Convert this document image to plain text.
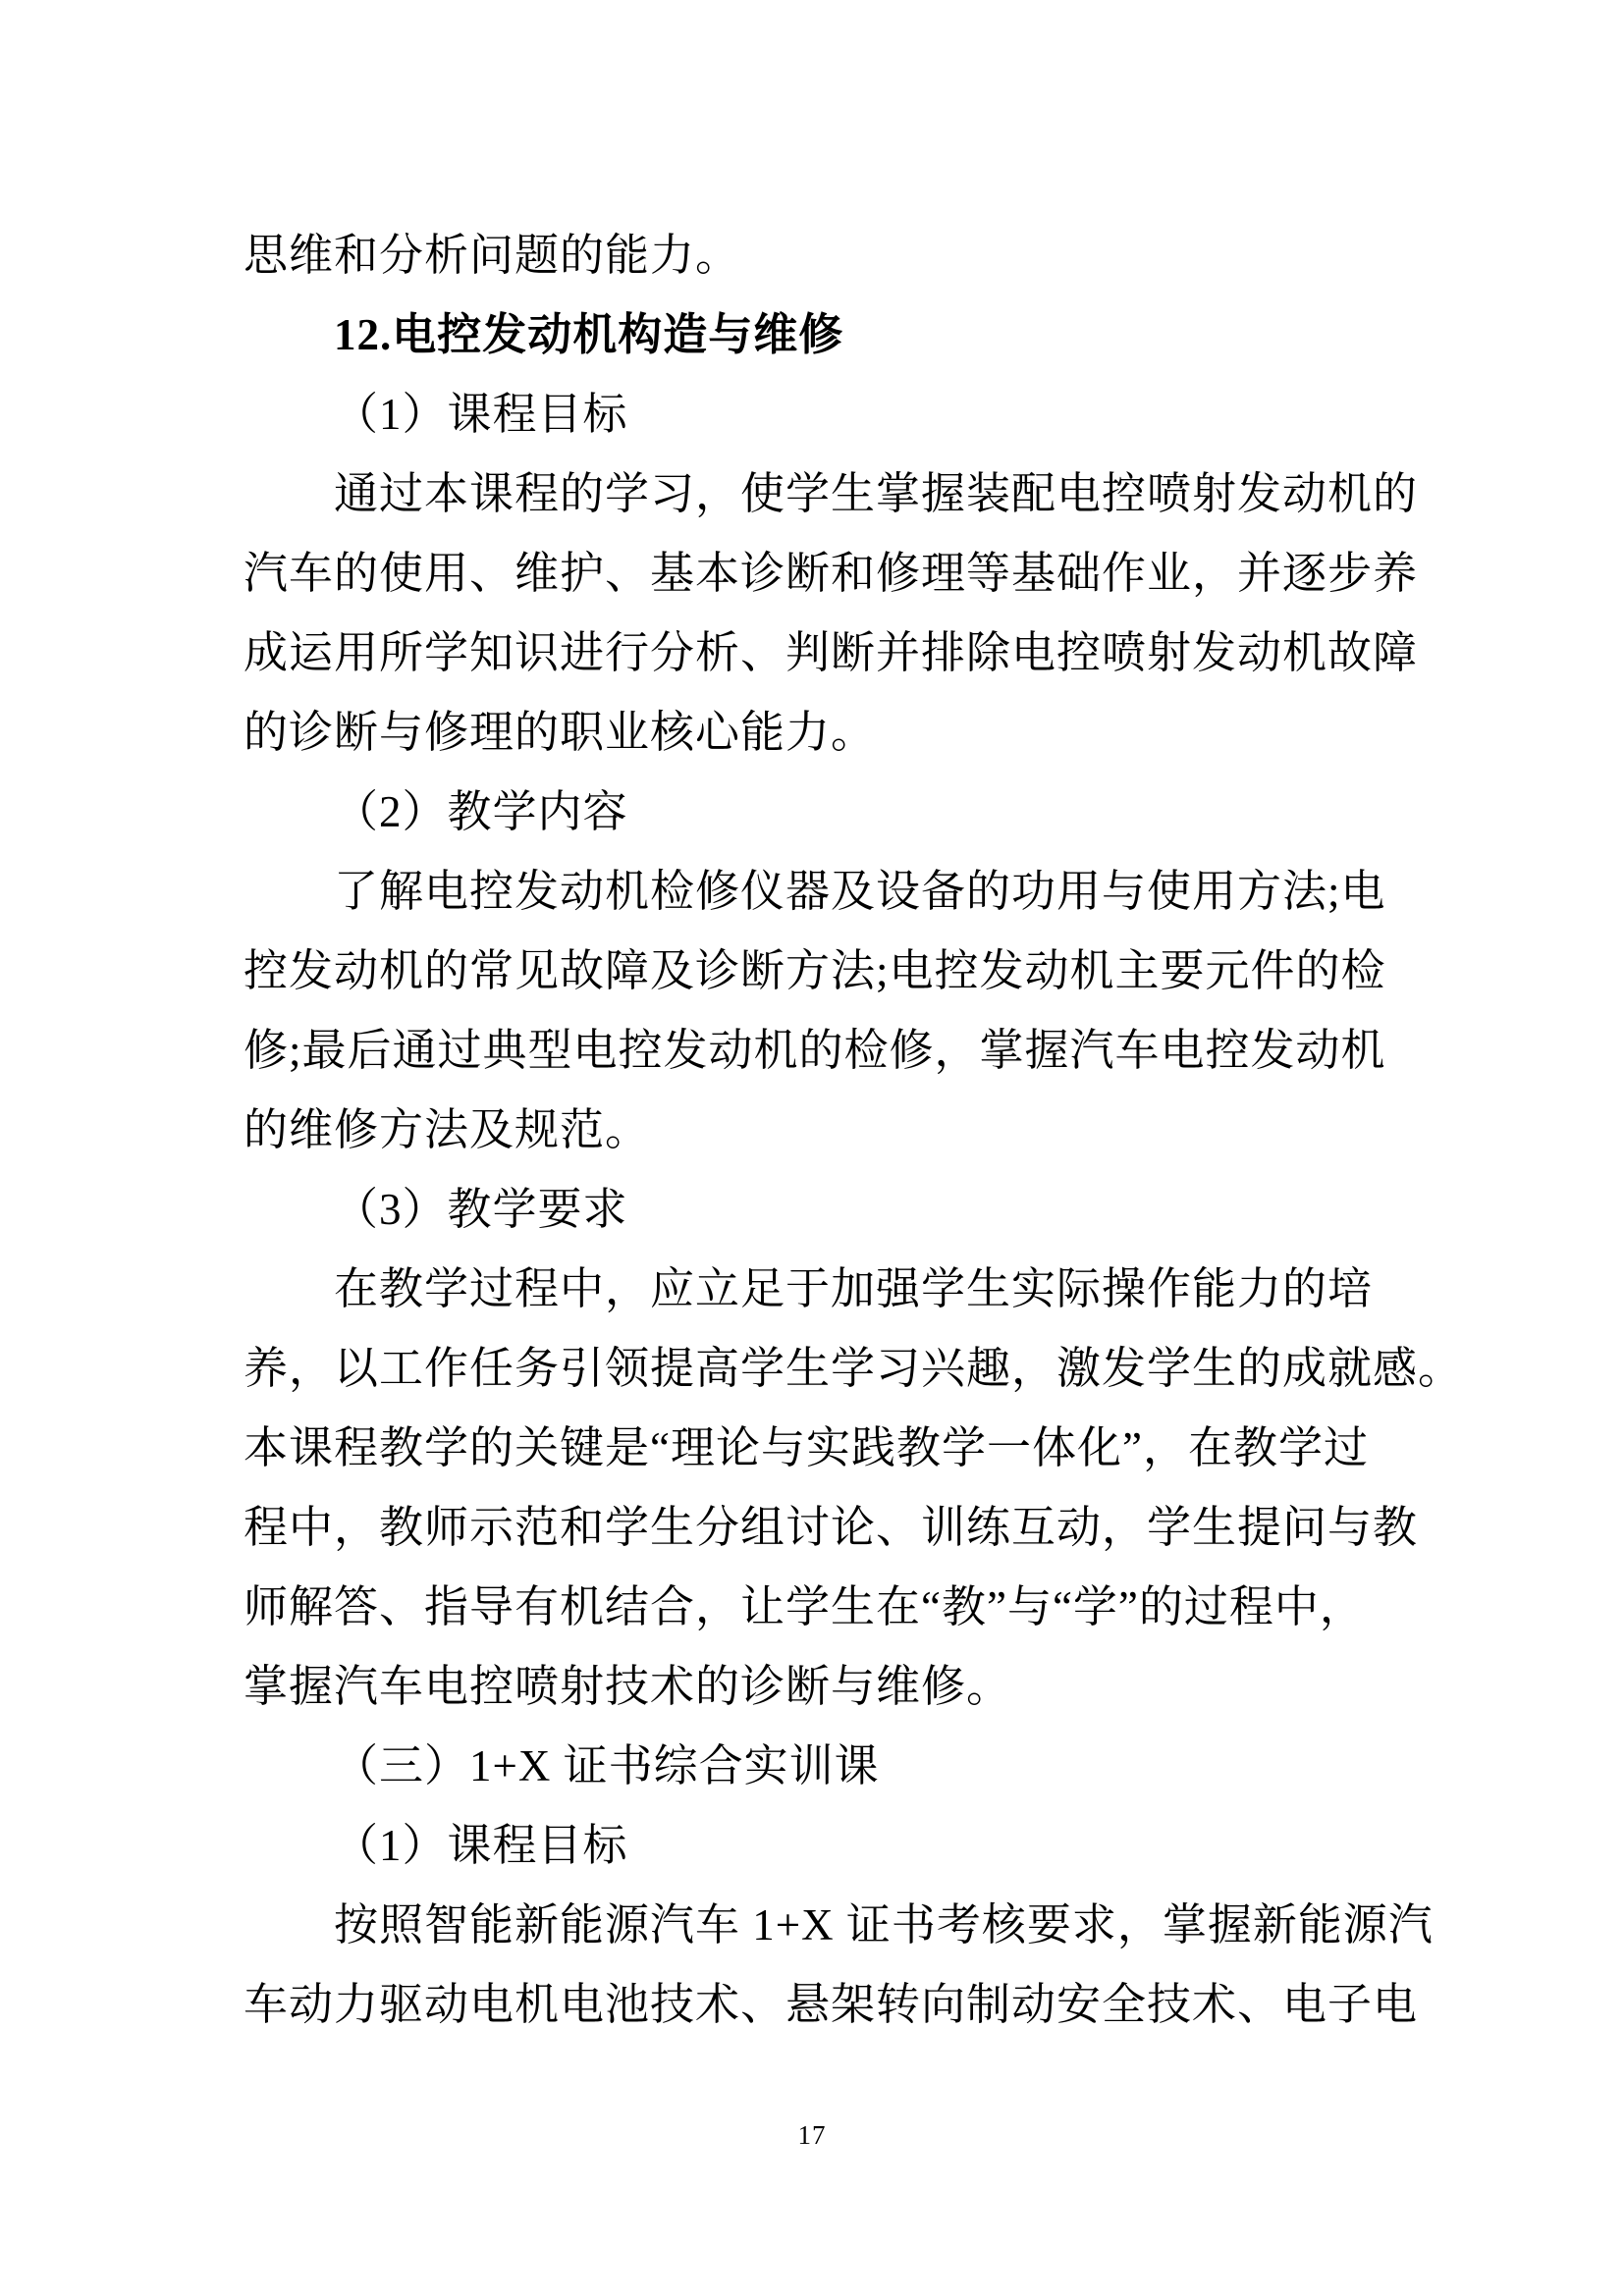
思维和分析问题的能力。
12.电控发动机构造与维修
（1）课程目标
通过本课程的学习，使学生掌握装配电控喷射发动机的
汽车的使用、维护、基本诊断和修理等基础作业，并逐步养
成运用所学知识进行分析、判断并排除电控喷射发动机故障
的诊断与修理的职业核心能力。
（2）教学内容
了解电控发动机检修仪器及设备的功用与使用方法;电
控发动机的常见故障及诊断方法;电控发动机主要元件的检
修;最后通过典型电控发动机的检修，掌握汽车电控发动机
的维修方法及规范。
（3）教学要求
在教学过程中，应立足于加强学生实际操作能力的培
养，以工作任务引领提高学生学习兴趣，激发学生的成就感。
本课程教学的关键是“理论与实践教学一体化”，在教学过
程中，教师示范和学生分组讨论、训练互动，学生提问与教
师解答、指导有机结合，让学生在“教”与“学”的过程中，
掌握汽车电控喷射技术的诊断与维修。
（三）1+X 证书综合实训课
（1）课程目标
按照智能新能源汽车 1+X 证书考核要求，掌握新能源汽
车动力驱动电机电池技术、悬架转向制动安全技术、电子电
17
